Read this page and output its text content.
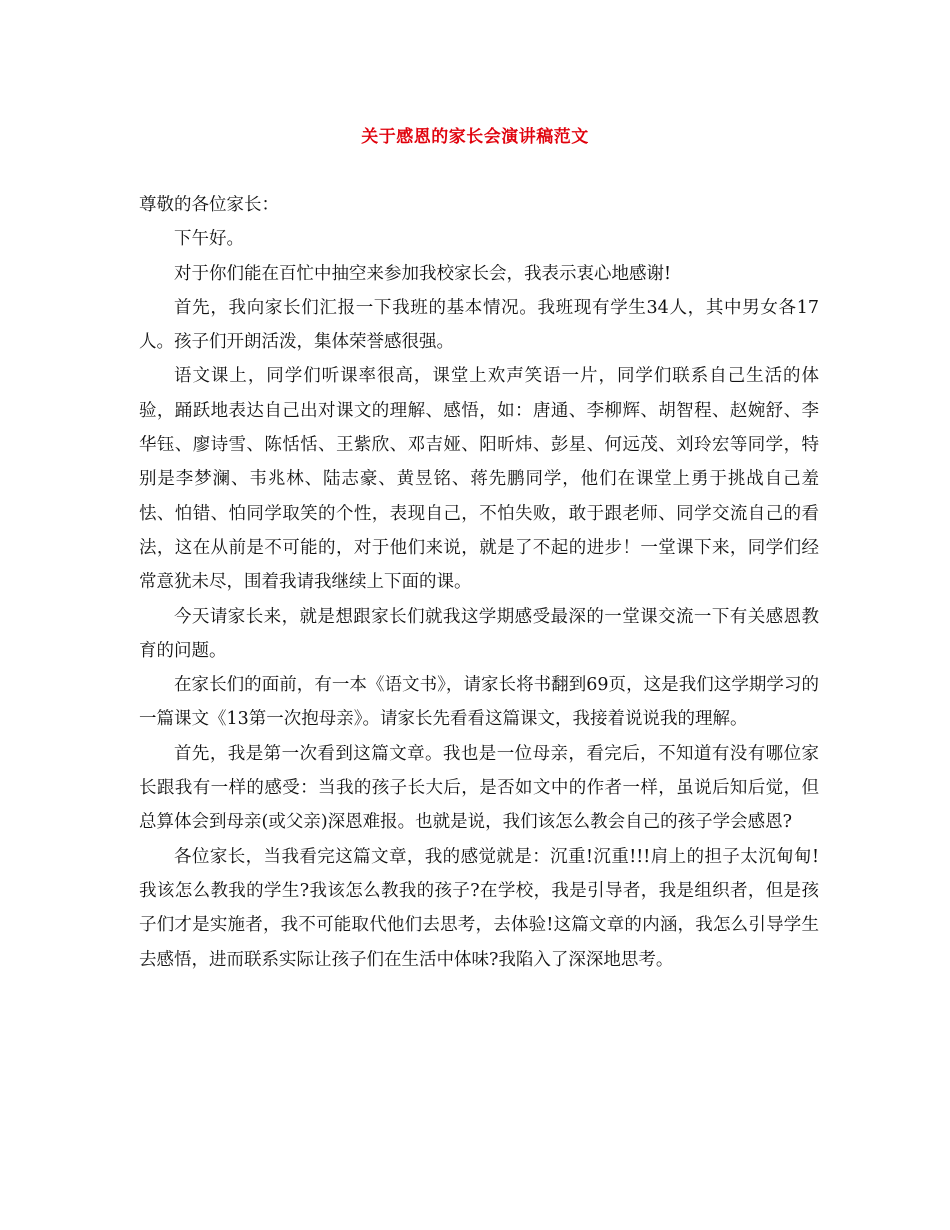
关于感恩的家长会演讲稿范文

尊敬的各位家长：

下午好。

对于你们能在百忙中抽空来参加我校家长会，我表示衷心地感谢!

首先，我向家长们汇报一下我班的基本情况。我班现有学生34人，其中男女各17人。孩子们开朗活泼，集体荣誉感很强。

语文课上，同学们听课率很高，课堂上欢声笑语一片，同学们联系自己生活的体验，踊跃地表达自己出对课文的理解、感悟，如：唐通、李柳辉、胡智程、赵婉舒、李华钰、廖诗雪、陈恬恬、王紫欣、邓吉娅、阳昕炜、彭星、何远茂、刘玲宏等同学，特别是李梦澜、韦兆林、陆志豪、黄昱铭、蒋先鹏同学，他们在课堂上勇于挑战自己羞怯、怕错、怕同学取笑的个性，表现自己，不怕失败，敢于跟老师、同学交流自己的看法，这在从前是不可能的，对于他们来说，就是了不起的进步！一堂课下来，同学们经常意犹未尽，围着我请我继续上下面的课。

今天请家长来，就是想跟家长们就我这学期感受最深的一堂课交流一下有关感恩教育的问题。

在家长们的面前，有一本《语文书》，请家长将书翻到69页，这是我们这学期学习的一篇课文《13第一次抱母亲》。请家长先看看这篇课文，我接着说说我的理解。

首先，我是第一次看到这篇文章。我也是一位母亲，看完后，不知道有没有哪位家长跟我有一样的感受：当我的孩子长大后，是否如文中的作者一样，虽说后知后觉，但总算体会到母亲(或父亲)深恩难报。也就是说，我们该怎么教会自己的孩子学会感恩?

各位家长，当我看完这篇文章，我的感觉就是：沉重!沉重!!!肩上的担子太沉甸甸!我该怎么教我的学生?我该怎么教我的孩子?在学校，我是引导者，我是组织者，但是孩子们才是实施者，我不可能取代他们去思考，去体验!这篇文章的内涵，我怎么引导学生去感悟，进而联系实际让孩子们在生活中体味?我陷入了深深地思考。
